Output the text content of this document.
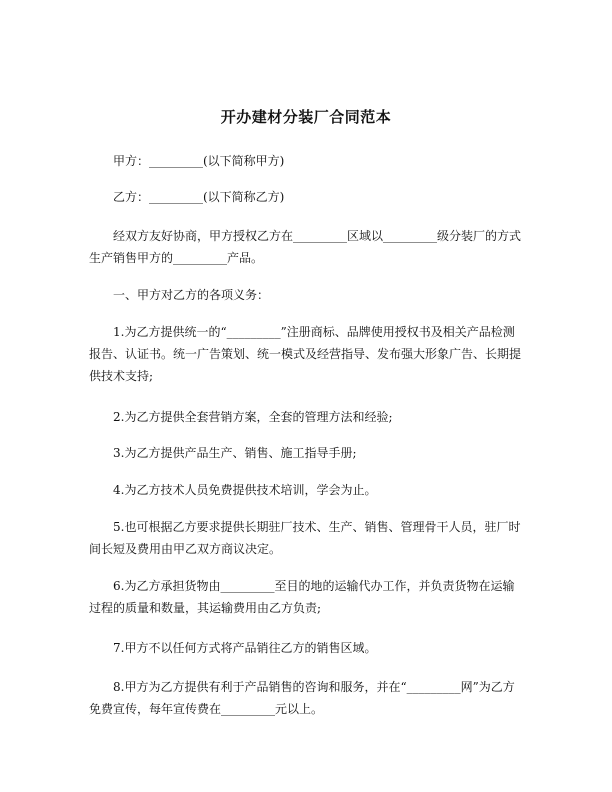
开办建材分装厂合同范本

甲方：_________(以下简称甲方)

乙方：_________(以下简称乙方)

经双方友好协商，甲方授权乙方在_________区域以_________级分装厂的方式生产销售甲方的_________产品。

一、甲方对乙方的各项义务：

1.为乙方提供统一的“_________”注册商标、品牌使用授权书及相关产品检测报告、认证书。统一广告策划、统一模式及经营指导、发布强大形象广告、长期提供技术支持;

2.为乙方提供全套营销方案，全套的管理方法和经验;

3.为乙方提供产品生产、销售、施工指导手册;

4.为乙方技术人员免费提供技术培训，学会为止。

5.也可根据乙方要求提供长期驻厂技术、生产、销售、管理骨干人员，驻厂时间长短及费用由甲乙双方商议决定。

6.为乙方承担货物由_________至目的地的运输代办工作，并负责货物在运输过程的质量和数量，其运输费用由乙方负责;

7.甲方不以任何方式将产品销往乙方的销售区域。

8.甲方为乙方提供有利于产品销售的咨询和服务，并在“_________网”为乙方免费宣传，每年宣传费在_________元以上。
